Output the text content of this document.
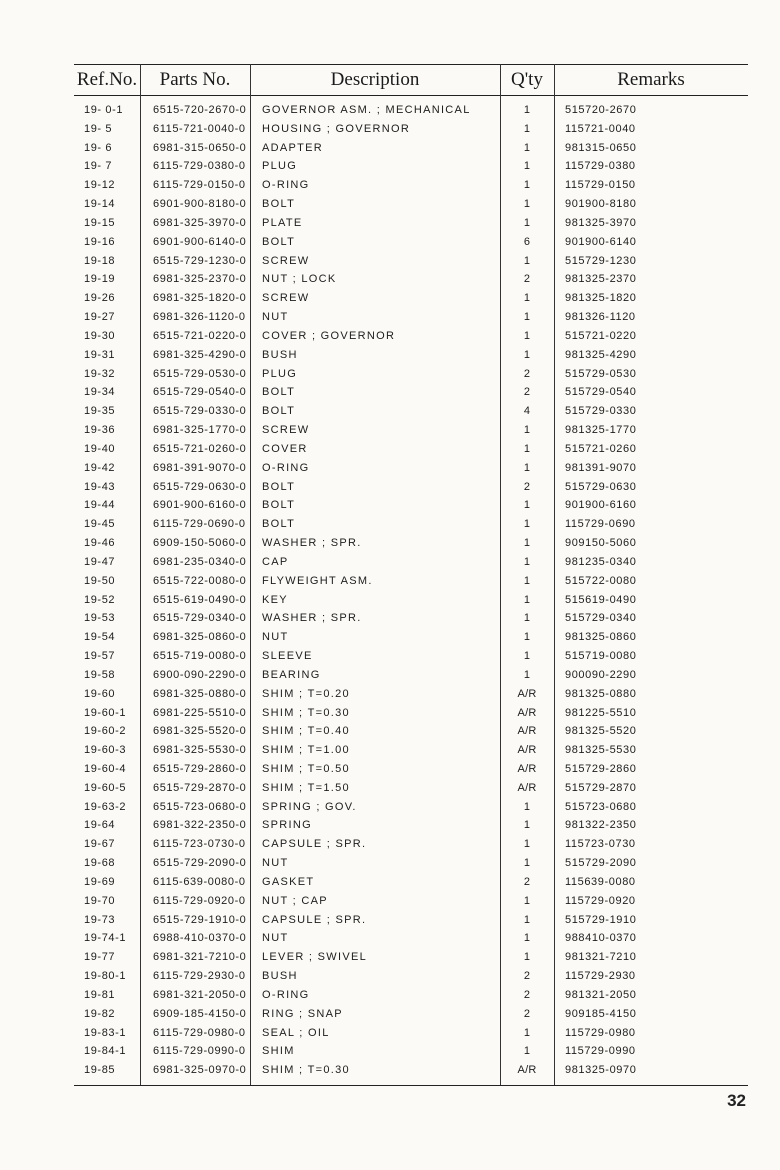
Ref.No.	Parts No.	Description	Q'ty	Remarks
19- 0-1	6515-720-2670-0 GOVERNOR ASM. ; MECHANICAL	1	515720-2670
19- 5	6115-721-0040-0 HOUSING ; GOVERNOR	1	115721-0040
19- 6	6981-315-0650-0 ADAPTER	1	981315-0650
19- 7	6115-729-0380-0 PLUG	1	115729-0380
19-12	6115-729-0150-0 O-RING	1	115729-0150
19-14	6901-900-8180-0 BOLT	1	901900-8180
19-15	6981-325-3970-0 PLATE	1	981325-3970
19-16	6901-900-6140-0 BOLT	6	901900-6140
19-18	6515-729-1230-0 SCREW	1	515729-1230
19-19	6981-325-2370-0 NUT ; LOCK	2	981325-2370
19-26	6981-325-1820-0 SCREW	1	981325-1820
19-27	6981-326-1120-0 NUT	1	981326-1120
19-30	6515-721-0220-0 COVER ; GOVERNOR	1	515721-0220
19-31	6981-325-4290-0 BUSH	1	981325-4290
19-32	6515-729-0530-0 PLUG	2	515729-0530
19-34	6515-729-0540-0 BOLT	2	515729-0540
19-35	6515-729-0330-0 BOLT	4	515729-0330
19-36	6981-325-1770-0 SCREW	1	981325-1770
19-40	6515-721-0260-0 COVER	1	515721-0260
19-42	6981-391-9070-0 O-RING	1	981391-9070
19-43	6515-729-0630-0 BOLT	2	515729-0630
19-44	6901-900-6160-0 BOLT	1	901900-6160
19-45	6115-729-0690-0 BOLT	1	115729-0690
19-46	6909-150-5060-0 WASHER ; SPR.	1	909150-5060
19-47	6981-235-0340-0 CAP	1	981235-0340
19-50	6515-722-0080-0 FLYWEIGHT ASM.	1	515722-0080
19-52	6515-619-0490-0 KEY	1	515619-0490
19-53	6515-729-0340-0 WASHER ; SPR.	1	515729-0340
19-54	6981-325-0860-0 NUT	1	981325-0860
19-57	6515-719-0080-0 SLEEVE	1	515719-0080
19-58	6900-090-2290-0 BEARING	1	900090-2290
19-60	6981-325-0880-0 SHIM ; T=0.20	A/R	981325-0880
19-60-1 6981-225-5510-0 SHIM ; T=0.30	A/R	981225-5510
19-60-2 6981-325-5520-0 SHIM ; T=0.40	A/R	981325-5520
19-60-3 6981-325-5530-0 SHIM ; T=1.00	A/R	981325-5530
19-60-4 6515-729-2860-0 SHIM ; T=0.50	A/R	515729-2860
19-60-5 6515-729-2870-0 SHIM ; T=1.50	A/R	515729-2870
19-63-2 6515-723-0680-0 SPRING ; GOV.	1	515723-0680
19-64	6981-322-2350-0 SPRING	1	981322-2350
19-67	6115-723-0730-0 CAPSULE ; SPR.	1	115723-0730
19-68	6515-729-2090-0 NUT	1	515729-2090
19-69	6115-639-0080-0 GASKET	2	115639-0080
19-70	6115-729-0920-0 NUT ; CAP	1	115729-0920
19-73	6515-729-1910-0 CAPSULE ; SPR.	1	515729-1910
19-74-1 6988-410-0370-0 NUT	1	988410-0370
19-77	6981-321-7210-0 LEVER ; SWIVEL	1	981321-7210
19-80-1 6115-729-2930-0 BUSH	2	115729-2930
19-81	6981-321-2050-0 O-RING	2	981321-2050
19-82	6909-185-4150-0 RING ; SNAP	2	909185-4150
19-83-1 6115-729-0980-0 SEAL ; OIL	1	115729-0980
19-84-1 6115-729-0990-0 SHIM	1	115729-0990
19-85	6981-325-0970-0 SHIM ; T=0.30	A/R	981325-0970
32
